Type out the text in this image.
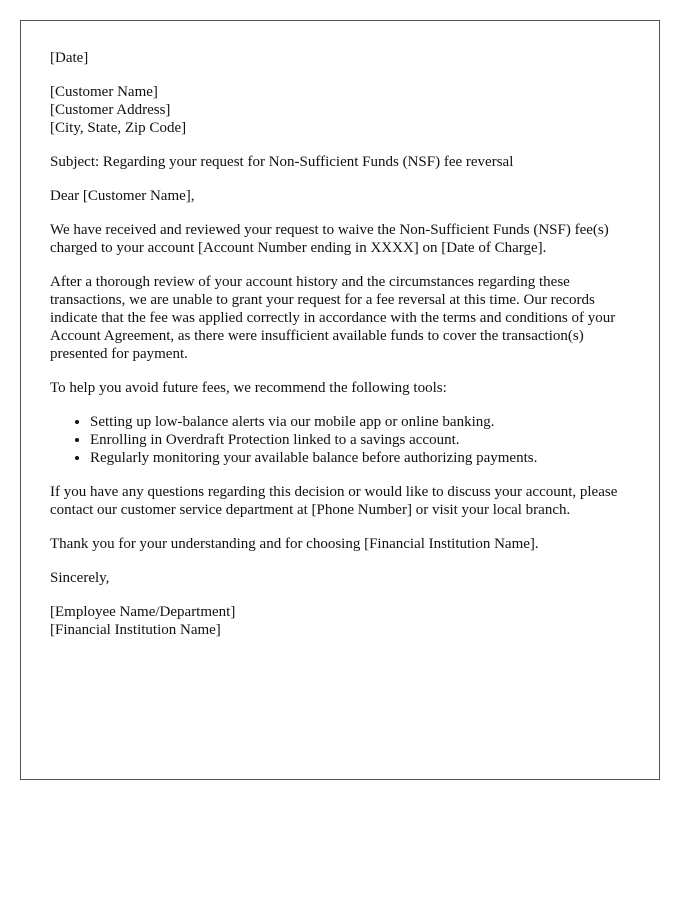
[Date]

[Customer Name]
[Customer Address]
[City, State, Zip Code]

Subject: Regarding your request for Non-Sufficient Funds (NSF) fee reversal

Dear [Customer Name],

We have received and reviewed your request to waive the Non-Sufficient Funds (NSF) fee(s) charged to your account [Account Number ending in XXXX] on [Date of Charge].

After a thorough review of your account history and the circumstances regarding these transactions, we are unable to grant your request for a fee reversal at this time. Our records indicate that the fee was applied correctly in accordance with the terms and conditions of your Account Agreement, as there were insufficient available funds to cover the transaction(s) presented for payment.

To help you avoid future fees, we recommend the following tools:

• Setting up low-balance alerts via our mobile app or online banking.
• Enrolling in Overdraft Protection linked to a savings account.
• Regularly monitoring your available balance before authorizing payments.

If you have any questions regarding this decision or would like to discuss your account, please contact our customer service department at [Phone Number] or visit your local branch.

Thank you for your understanding and for choosing [Financial Institution Name].

Sincerely,

[Employee Name/Department]
[Financial Institution Name]
